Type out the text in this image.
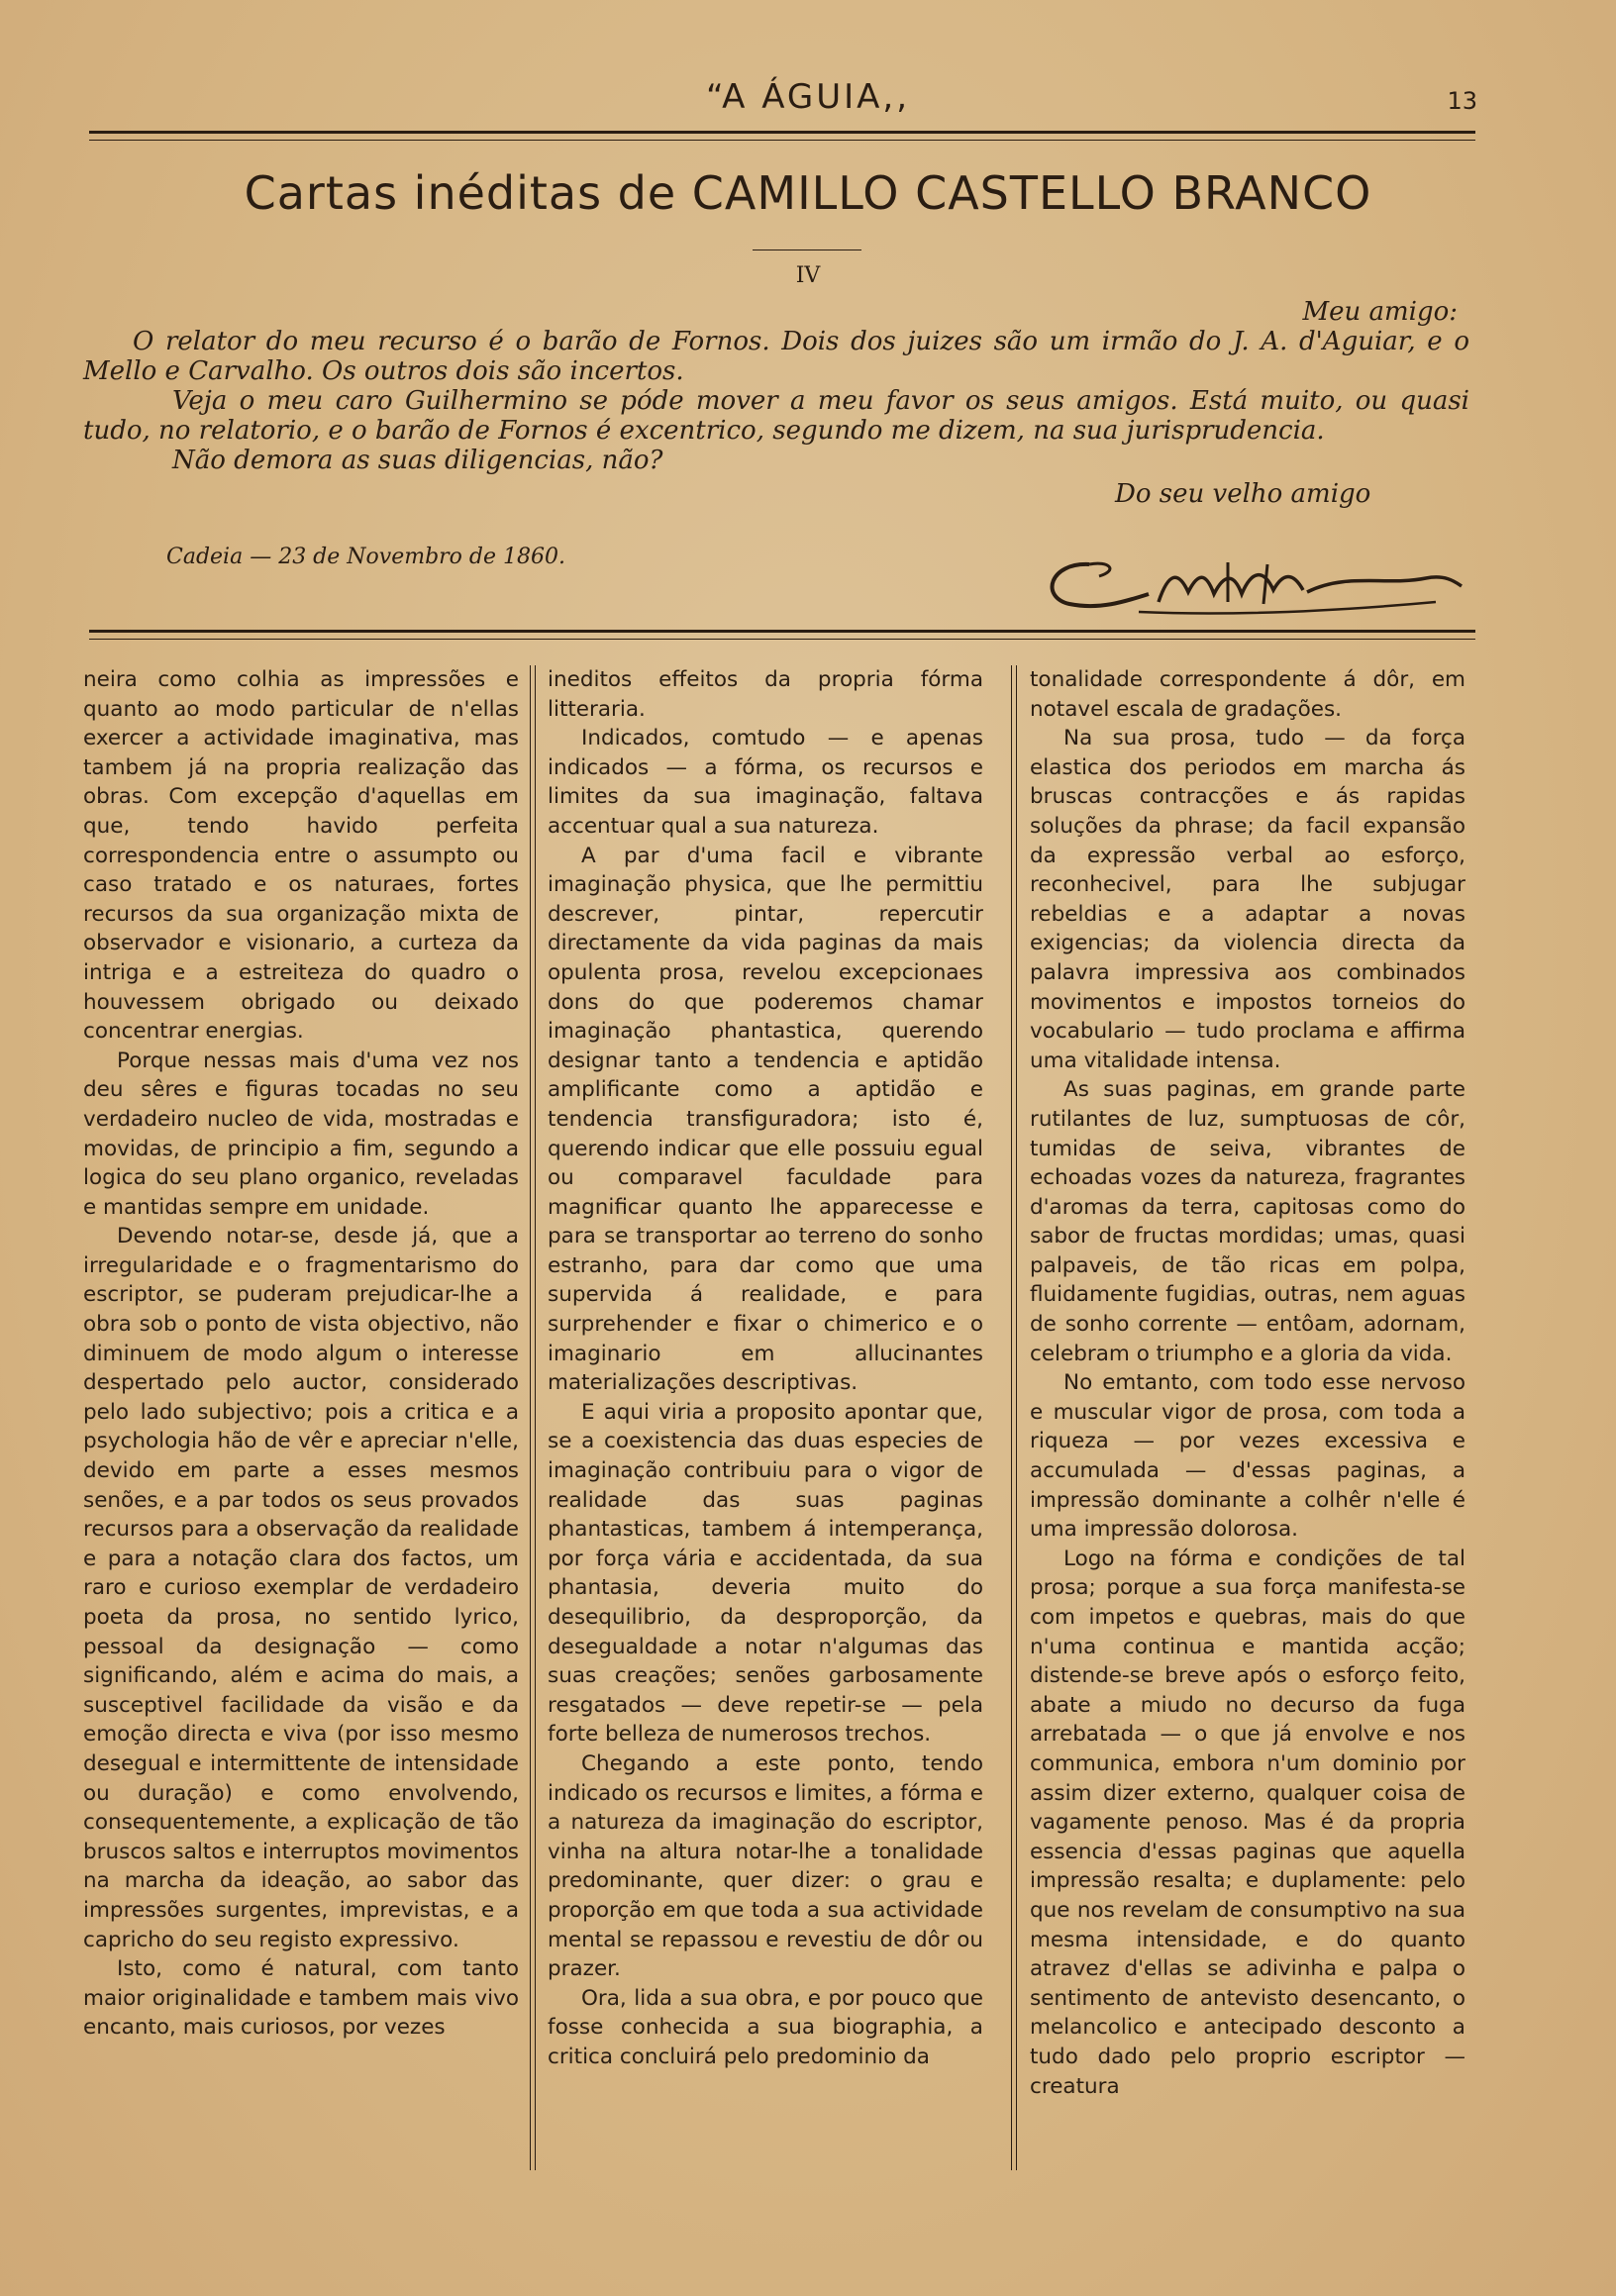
“A ÁGUIA,,	13
Cartas inéditas de CAMILLO CASTELLO BRANCO
IV
Meu amigo:

O relator do meu recurso é o barão de Fornos. Dois dos juizes são um irmão do J. A. d'Aguiar, e o Mello e Carvalho. Os outros dois são incertos.

Veja o meu caro Guilhermino se póde mover a meu favor os seus amigos. Está muito, ou quasi tudo, no relatorio, e o barão de Fornos é excentrico, segundo me dizem, na sua jurisprudencia.

Não demora as suas diligencias, não?

Do seu velho amigo
Cadeia — 23 de Novembro de 1860.

neira como colhia as impressões e quanto ao modo particular de n'ellas exercer a actividade imaginativa, mas tambem já na propria realização das obras. Com excepção d'aquellas em que, tendo havido perfeita correspondencia entre o assumpto ou caso tratado e os naturaes, fortes recursos da sua organização mixta de observador e visionario, a curteza da intriga e a estreiteza do quadro o houvessem obrigado ou deixado concentrar energias.

Porque nessas mais d'uma vez nos deu sêres e figuras tocadas no seu verdadeiro nucleo de vida, mostradas e movidas, de principio a fim, segundo a logica do seu plano organico, reveladas e mantidas sempre em unidade.

Devendo notar-se, desde já, que a irregularidade e o fragmentarismo do escriptor, se puderam prejudicar-lhe a obra sob o ponto de vista objectivo, não diminuem de modo algum o interesse despertado pelo auctor, considerado pelo lado subjectivo; pois a critica e a psychologia hão de vêr e apreciar n'elle, devido em parte a esses mesmos senões, e a par todos os seus provados recursos para a observação da realidade e para a notação clara dos factos, um raro e curioso exemplar de verdadeiro poeta da prosa, no sentido lyrico, pessoal da designação — como significando, além e acima do mais, a susceptivel facilidade da visão e da emoção directa e viva (por isso mesmo desegual e intermittente de intensidade ou duração) e como envolvendo, consequentemente, a explicação de tão bruscos saltos e interruptos movimentos na marcha da ideação, ao sabor das impressões surgentes, imprevistas, e a capricho do seu registo expressivo.

Isto, como é natural, com tanto maior originalidade e tambem mais vivo encanto, mais curiosos, por vezes

ineditos effeitos da propria fórma litteraria.

Indicados, comtudo — e apenas indicados — a fórma, os recursos e limites da sua imaginação, faltava accentuar qual a sua natureza.

A par d'uma facil e vibrante imaginação physica, que lhe permittiu descrever, pintar, repercutir directamente da vida paginas da mais opulenta prosa, revelou excepcionaes dons do que poderemos chamar imaginação phantastica, querendo designar tanto a tendencia e aptidão amplificante como a aptidão e tendencia transfiguradora; isto é, querendo indicar que elle possuiu egual ou comparavel faculdade para magnificar quanto lhe apparecesse e para se transportar ao terreno do sonho estranho, para dar como que uma supervida á realidade, e para surprehender e fixar o chimerico e o imaginario em allucinantes materializações descriptivas.

E aqui viria a proposito apontar que, se a coexistencia das duas especies de imaginação contribuiu para o vigor de realidade das suas paginas phantasticas, tambem á intemperança, por força vária e accidentada, da sua phantasia, deveria muito do desequilibrio, da desproporção, da desegualdade a notar n'algumas das suas creações; senões garbosamente resgatados — deve repetir-se — pela forte belleza de numerosos trechos.

Chegando a este ponto, tendo indicado os recursos e limites, a fórma e a natureza da imaginação do escriptor, vinha na altura notar-lhe a tonalidade predominante, quer dizer: o grau e proporção em que toda a sua actividade mental se repassou e revestiu de dôr ou prazer.

Ora, lida a sua obra, e por pouco que fosse conhecida a sua biographia, a critica concluirá pelo predominio da

tonalidade correspondente á dôr, em notavel escala de gradações.

Na sua prosa, tudo — da força elastica dos periodos em marcha ás bruscas contracções e ás rapidas soluções da phrase; da facil expansão da expressão verbal ao esforço, reconhecivel, para lhe subjugar rebeldias e a adaptar a novas exigencias; da violencia directa da palavra impressiva aos combinados movimentos e impostos torneios do vocabulario — tudo proclama e affirma uma vitalidade intensa.

As suas paginas, em grande parte rutilantes de luz, sumptuosas de côr, tumidas de seiva, vibrantes de echoadas vozes da natureza, fragrantes d'aromas da terra, capitosas como do sabor de fructas mordidas; umas, quasi palpaveis, de tão ricas em polpa, fluidamente fugidias, outras, nem aguas de sonho corrente — entôam, adornam, celebram o triumpho e a gloria da vida.

No emtanto, com todo esse nervoso e muscular vigor de prosa, com toda a riqueza — por vezes excessiva e accumulada — d'essas paginas, a impressão dominante a colhêr n'elle é uma impressão dolorosa.

Logo na fórma e condições de tal prosa; porque a sua força manifesta-se com impetos e quebras, mais do que n'uma continua e mantida acção; distende-se breve após o esforço feito, abate a miudo no decurso da fuga arrebatada — o que já envolve e nos communica, embora n'um dominio por assim dizer externo, qualquer coisa de vagamente penoso. Mas é da propria essencia d'essas paginas que aquella impressão resalta; e duplamente: pelo que nos revelam de consumptivo na sua mesma intensidade, e do quanto atravez d'ellas se adivinha e palpa o sentimento de antevisto desencanto, o melancolico e antecipado desconto a tudo dado pelo proprio escriptor — creatura
